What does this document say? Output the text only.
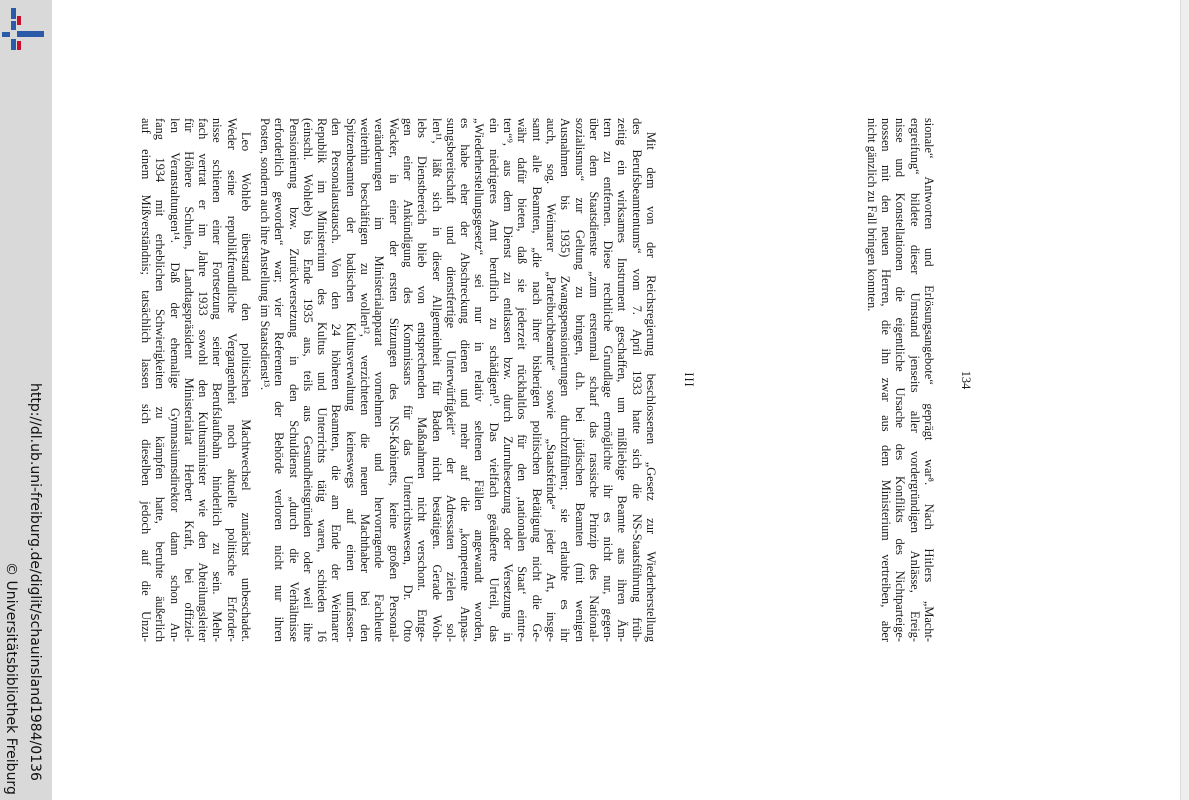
http://dl.ub.uni-freiburg.de/diglit/schauinsland1984/0136
© Universitätsbibliothek Freiburg
134
sionale“ Antworten und Erlösungsangebote“ geprägt war⁸. Nach Hitlers „Macht-
ergreifung“ bildete dieser Umstand jenseits aller vordergründigen Anlässe, Ereig-
nisse und Konstellationen die eigentliche Ursache des Konflikts des Nichtparteige-
nossen mit den neuen Herren, die ihn zwar aus dem Ministerium vertreiben, aber
nicht gänzlich zu Fall bringen konnten.
III
Mit dem von der Reichsregierung beschlossenen „Gesetz zur Wiederherstellung
des Berufsbeamtentums“ vom 7. April 1933 hatte sich die NS-Staatsführung früh-
zeitig ein wirksames Instrument geschaffen, um mißliebige Beamte aus ihren Äm-
tern zu entfernen. Diese rechtliche Grundlage ermöglichte ihr es nicht nur, gegen-
über dem Staatsdienste „zum erstenmal scharf das rassische Prinzip des National-
sozialismus“ zur Geltung zu bringen, d.h. bei jüdischen Beamten (mit wenigen
Ausnahmen bis 1935) Zwangspensionierungen durchzuführen; sie erlaubte es ihr
auch, sog. Weimarer „Parteibuchbeamte“ sowie „Staatsfeinde“ jeder Art, insge-
samt alle Beamten, „die nach ihrer bisherigen politischen Betätigung nicht die Ge-
währ dafür bieten, daß sie jederzeit rückhaltlos für den ‚nationalen Staat‘ eintre-
ten“⁹, aus dem Dienst zu entlassen bzw. durch Zurruhesetzung oder Versetzung in
ein niedrigeres Amt beruflich zu schädigen¹⁰. Das vielfach geäußerte Urteil, das
„Wiederherstellungsgesetz“ sei nur in relativ seltenen Fällen angewandt worden,
es habe eher der Abschreckung dienen und mehr auf die „kompetente Anpas-
sungsbereitschaft und dienstfertige Unterwürfigkeit“ der Adressaten zielen sol-
len¹¹, läßt sich in dieser Allgemeinheit für Baden nicht bestätigen. Gerade Woh-
lebs Dienstbereich blieb von entsprechenden Maßnahmen nicht verschont. Entge-
gen einer Ankündigung des Kommissars für das Unterrichtswesen, Dr. Otto
Wacker, in einer der ersten Sitzungen des NS-Kabinetts, keine großen Personal-
veränderungen im Ministerialapparat vornehmen und hervorragende Fachleute
weiterhin beschäftigen zu wollen¹², verzichteten die neuen Machthaber bei den
Spitzenbeamten der badischen Kultusverwaltung keineswegs auf einen umfassen-
den Personalaustausch. Von den 24 höheren Beamten, die am Ende der Weimarer
Republik im Ministerium des Kultus und Unterrichts tätig waren, schieden 16
(einschl. Wohleb) bis Ende 1935 aus, teils aus Gesundheitsgründen oder weil ihre
Pensionierung bzw. Zurückversetzung in den Schuldienst „durch die Verhältnisse
erforderlich geworden“ war; vier Referenten der Behörde verloren nicht nur ihren
Posten, sondern auch ihre Anstellung im Staatsdienst¹³.
Leo Wohleb überstand den politischen Machtwechsel zunächst unbeschadet.
Weder seine republikfreundliche Vergangenheit noch aktuelle politische Erforder-
nisse schienen einer Fortsetzung seiner Berufslaufbahn hinderlich zu sein. Mehr-
fach vertrat er im Jahre 1933 sowohl den Kultusminister wie den Abteilungsleiter
für Höhere Schulen, Landtagspräsident Ministerialrat Herbert Kraft, bei offiziel-
len Veranstaltungen¹⁴. Daß der ehemalige Gymnasiumsdirektor dann schon An-
fang 1934 mit erheblichen Schwierigkeiten zu kämpfen hatte, beruhte äußerlich
auf einem Mißverständnis; tatsächlich lassen sich dieselben jedoch auf die Unzu-
